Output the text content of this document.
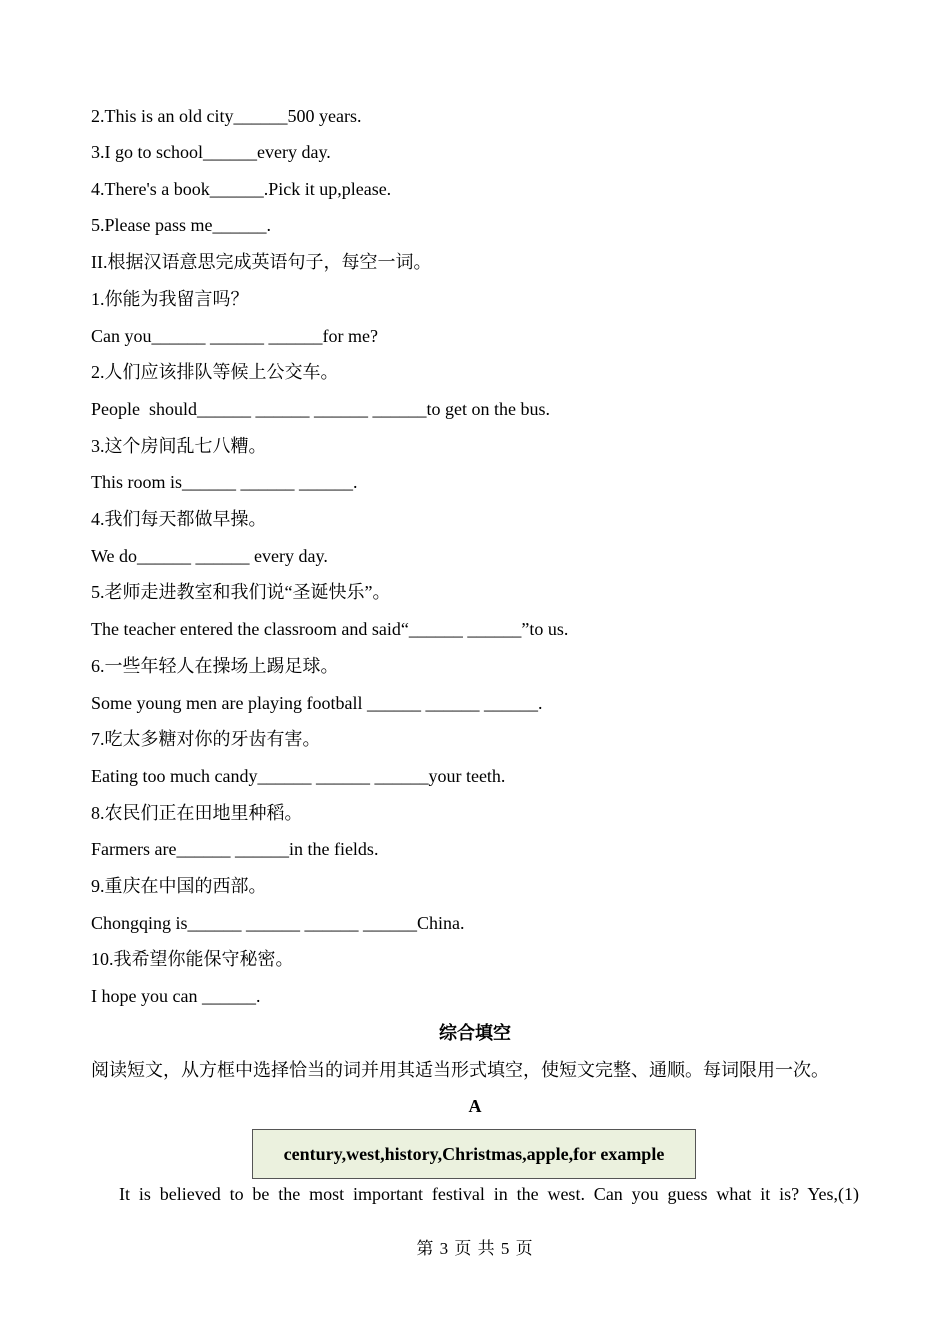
2.This is an old city______500 years.
3.I go to school______every day.
4.There's a book______.Pick it up,please.
5.Please pass me______.
II.根据汉语意思完成英语句子，每空一词。
1.你能为我留言吗？
Can you______ ______ ______for me?
2.人们应该排队等候上公交车。
People  should______ ______ ______ ______to get on the bus.
3.这个房间乱七八糟。
This room is______ ______ ______.
4.我们每天都做早操。
We do______ ______ every day.
5.老师走进教室和我们说“圣诞快乐”。
The teacher entered the classroom and said“______ ______”to us.
6.一些年轻人在操场上踢足球。
Some young men are playing football ______ ______ ______.
7.吃太多糖对你的牙齿有害。
Eating too much candy______ ______ ______your teeth.
8.农民们正在田地里种稻。
Farmers are______ ______in the fields.
9.重庆在中国的西部。
Chongqing is______ ______ ______ ______China.
10.我希望你能保守秘密。
I hope you can ______.
综合填空
阅读短文，从方框中选择恰当的词并用其适当形式填空，使短文完整、通顺。每词限用一次。
A
century,west,history,Christmas,apple,for example
It is believed to be the most important festival in the west. Can you guess what it is? Yes,(1)
第 3 页 共 5 页
